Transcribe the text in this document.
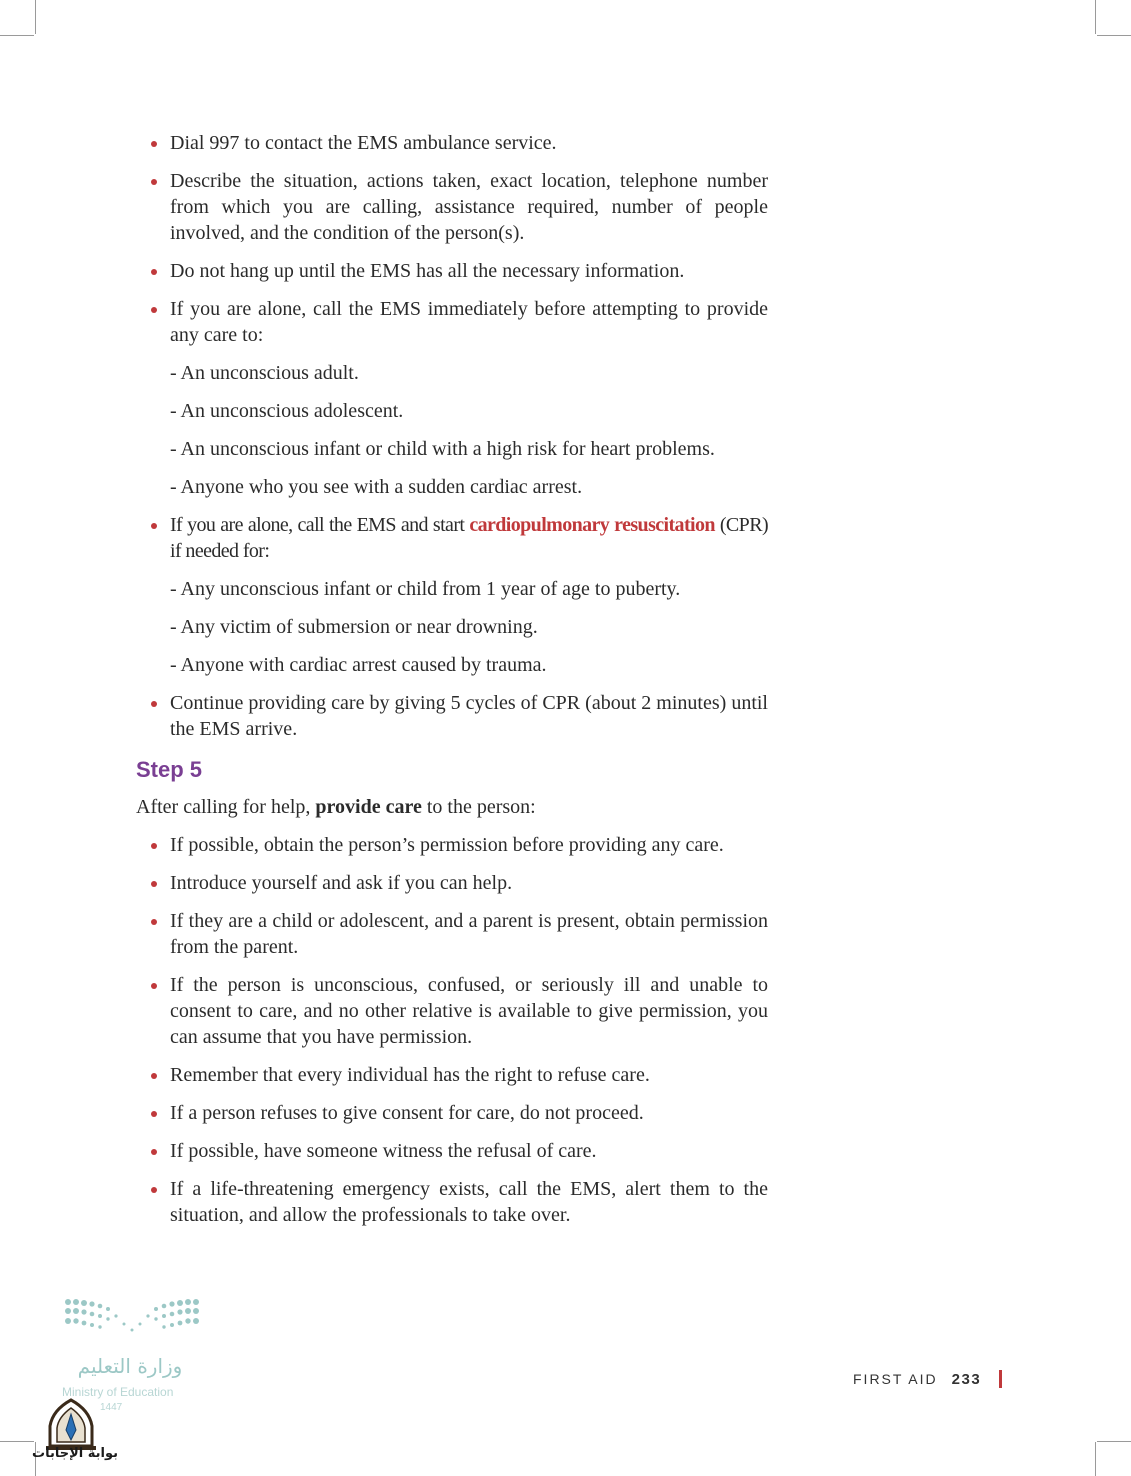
Dial 997 to contact the EMS ambulance service.

Describe the situation, actions taken, exact location, telephone number from which you are calling, assistance required, number of people involved, and the condition of the person(s).

Do not hang up until the EMS has all the necessary information.

If you are alone, call the EMS immediately before attempting to provide any care to:

- An unconscious adult.

- An unconscious adolescent.

- An unconscious infant or child with a high risk for heart problems.

- Anyone who you see with a sudden cardiac arrest.

If you are alone, call the EMS and start cardiopulmonary resuscitation (CPR) if needed for:

- Any unconscious infant or child from 1 year of age to puberty.

- Any victim of submersion or near drowning.

- Anyone with cardiac arrest caused by trauma.

Continue providing care by giving 5 cycles of CPR (about 2 minutes) until the EMS arrive.

Step 5

After calling for help, provide care to the person:

If possible, obtain the person’s permission before providing any care.

Introduce yourself and ask if you can help.

If they are a child or adolescent, and a parent is present, obtain permission from the parent.

If the person is unconscious, confused, or seriously ill and unable to consent to care, and no other relative is available to give permission, you can assume that you have permission.

Remember that every individual has the right to refuse care.

If a person refuses to give consent for care, do not proceed.

If possible, have someone witness the refusal of care.

If a life-threatening emergency exists, call the EMS, alert them to the situation, and allow the professionals to take over.

وزارة التعليم
Ministry of Education
1447
بوابة الإجابات
FIRST AID 233
